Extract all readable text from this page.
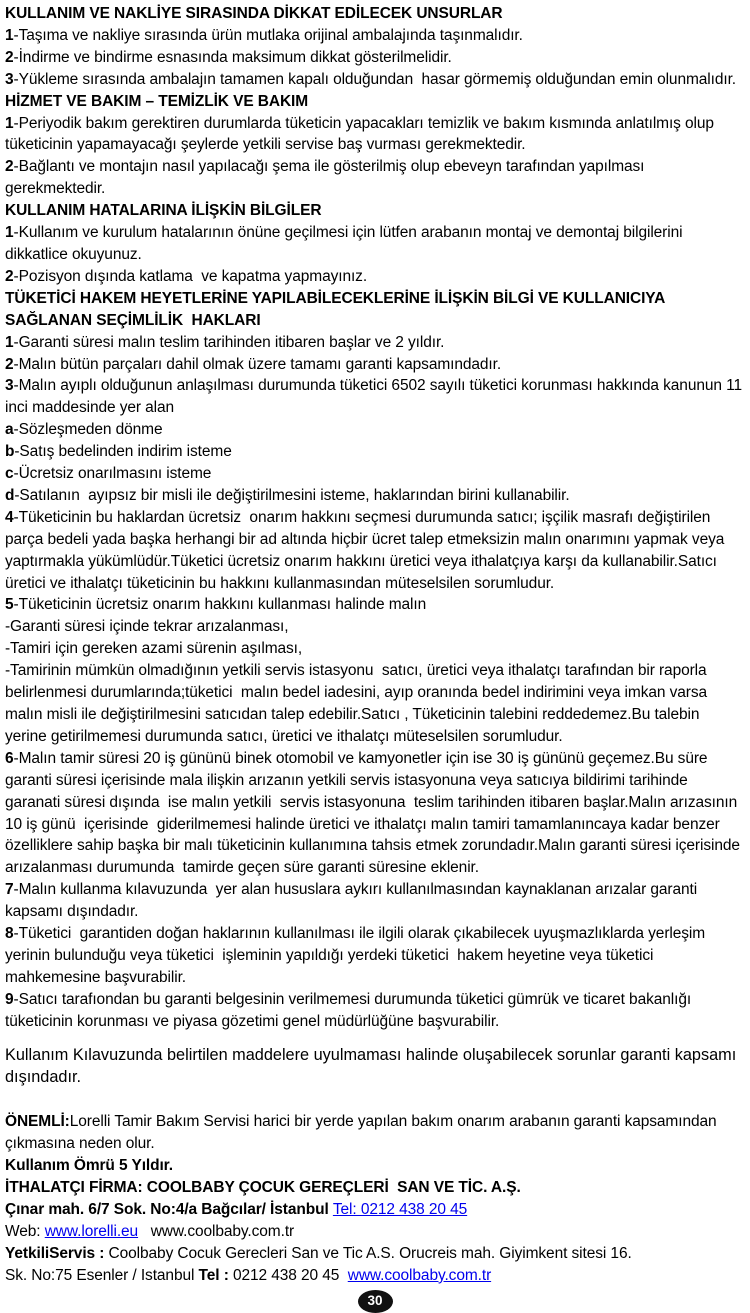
KULLANIM VE NAKLİYE SIRASINDA DİKKAT EDİLECEK UNSURLAR

1-Taşıma ve nakliye sırasında ürün mutlaka orijinal ambalajında taşınmalıdır.

2-İndirme ve bindirme esnasında maksimum dikkat gösterilmelidir.

3-Yükleme sırasında ambalajın tamamen kapalı olduğundan  hasar görmemiş olduğundan emin olunmalıdır.

HİZMET VE BAKIM – TEMİZLİK VE BAKIM

1-Periyodik bakım gerektiren durumlarda tüketicin yapacakları temizlik ve bakım kısmında anlatılmış olup tüketicinin yapamayacağı şeylerde yetkili servise baş vurması gerekmektedir.

2-Bağlantı ve montajın nasıl yapılacağı şema ile gösterilmiş olup ebeveyn tarafından yapılması gerekmektedir.

KULLANIM HATALARINA İLİŞKİN BİLGİLER

1-Kullanım ve kurulum hatalarının önüne geçilmesi için lütfen arabanın montaj ve demontaj bilgilerini dikkatlice okuyunuz.

2-Pozisyon dışında katlama  ve kapatma yapmayınız.

TÜKETİCİ HAKEM HEYETLERİNE YAPILABİLECEKLERİNE İLİŞKİN BİLGİ VE KULLANICIYA SAĞLANAN SEÇİMLİLİK  HAKLARI

1-Garanti süresi malın teslim tarihinden itibaren başlar ve 2 yıldır.

2-Malın bütün parçaları dahil olmak üzere tamamı garanti kapsamındadır.

3-Malın ayıplı olduğunun anlaşılması durumunda tüketici 6502 sayılı tüketici korunması hakkında kanunun 11 inci maddesinde yer alan

a-Sözleşmeden dönme

b-Satış bedelinden indirim isteme

c-Ücretsiz onarılmasını isteme

d-Satılanın  ayıpsız bir misli ile değiştirilmesini isteme, haklarından birini kullanabilir.

4-Tüketicinin bu haklardan ücretsiz  onarım hakkını seçmesi durumunda satıcı; işçilik masrafı değiştirilen parça bedeli yada başka herhangi bir ad altında hiçbir ücret talep etmeksizin malın onarımını yapmak veya yaptırmakla yükümlüdür.Tüketici ücretsiz onarım hakkını üretici veya ithalatçıya karşı da kullanabilir.Satıcı üretici ve ithalatçı tüketicinin bu hakkını kullanmasından müteselsilen sorumludur.

5-Tüketicinin ücretsiz onarım hakkını kullanması halinde malın

-Garanti süresi içinde tekrar arızalanması,

-Tamiri için gereken azami sürenin aşılması,

-Tamirinin mümkün olmadığının yetkili servis istasyonu  satıcı, üretici veya ithalatçı tarafından bir raporla belirlenmesi durumlarında;tüketici  malın bedel iadesini, ayıp oranında bedel indirimini veya imkan varsa malın misli ile değiştirilmesini satıcıdan talep edebilir.Satıcı , Tüketicinin talebini reddedemez.Bu talebin yerine getirilmemesi durumunda satıcı, üretici ve ithalatçı müteselsilen sorumludur.

6-Malın tamir süresi 20 iş gününü binek otomobil ve kamyonetler için ise 30 iş gününü geçemez.Bu süre garanti süresi içerisinde mala ilişkin arızanın yetkili servis istasyonuna veya satıcıya bildirimi tarihinde garanati süresi dışında  ise malın yetkili  servis istasyonuna  teslim tarihinden itibaren başlar.Malın arızasının 10 iş günü  içerisinde  giderilmemesi halinde üretici ve ithalatçı malın tamiri tamamlanıncaya kadar benzer özelliklere sahip başka bir malı tüketicinin kullanımına tahsis etmek zorundadır.Malın garanti süresi içerisinde arızalanması durumunda  tamirde geçen süre garanti süresine eklenir.

7-Malın kullanma kılavuzunda  yer alan hususlara aykırı kullanılmasından kaynaklanan arızalar garanti kapsamı dışındadır.

8-Tüketici  garantiden doğan haklarının kullanılması ile ilgili olarak çıkabilecek uyuşmazlıklarda yerleşim yerinin bulunduğu veya tüketici  işleminin yapıldığı yerdeki tüketici  hakem heyetine veya tüketici mahkemesine başvurabilir.

9-Satıcı tarafıondan bu garanti belgesinin verilmemesi durumunda tüketici gümrük ve ticaret bakanlığı tüketicinin korunması ve piyasa gözetimi genel müdürlüğüne başvurabilir.

Kullanım Kılavuzunda belirtilen maddelere uyulmaması halinde oluşabilecek sorunlar garanti kapsamı dışındadır.

ÖNEMLİ:Lorelli Tamir Bakım Servisi harici bir yerde yapılan bakım onarım arabanın garanti kapsamından çıkmasına neden olur.

Kullanım Ömrü 5 Yıldır.

İTHALATÇI FİRMA: COOLBABY ÇOCUK GEREÇLERİ  SAN VE TİC. A.Ş.

Çınar mah. 6/7 Sok. No:4/a Bağcılar/ İstanbul Tel: 0212 438 20 45

Web: www.lorelli.eu   www.coolbaby.com.tr

YetkiliServis : Coolbaby Cocuk Gerecleri San ve Tic A.S. Orucreis mah. Giyimkent sitesi 16.

Sk. No:75 Esenler / Istanbul Tel : 0212 438 20 45  www.coolbaby.com.tr

30
